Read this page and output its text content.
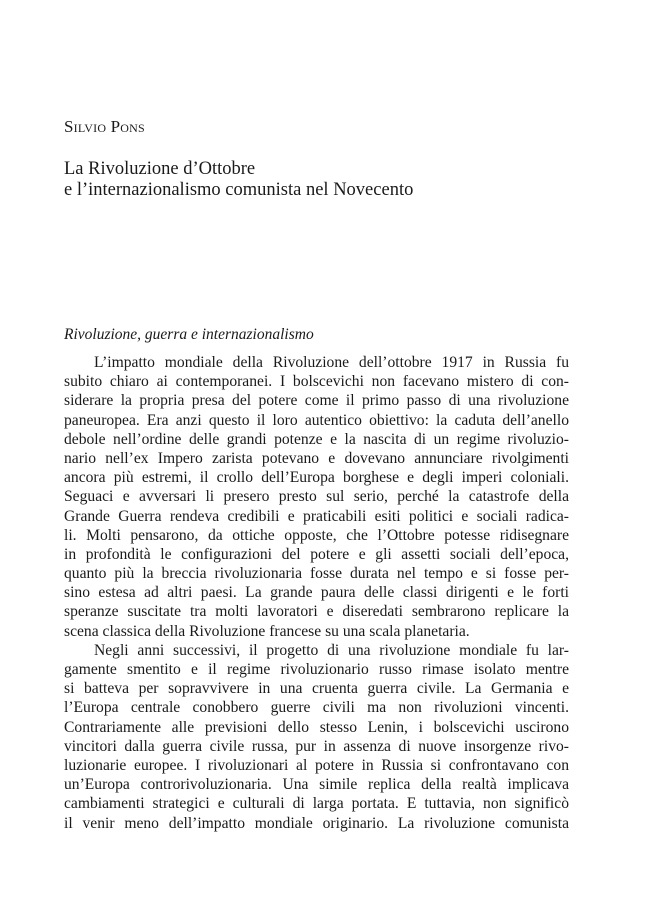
Silvio Pons
La Rivoluzione d’Ottobre
e l’internazionalismo comunista nel Novecento
Rivoluzione, guerra e internazionalismo
L’impatto mondiale della Rivoluzione dell’ottobre 1917 in Russia fu
subito chiaro ai contemporanei. I bolscevichi non facevano mistero di con-
siderare la propria presa del potere come il primo passo di una rivoluzione
paneuropea. Era anzi questo il loro autentico obiettivo: la caduta dell’anello
debole nell’ordine delle grandi potenze e la nascita di un regime rivoluzio-
nario nell’ex Impero zarista potevano e dovevano annunciare rivolgimenti
ancora più estremi, il crollo dell’Europa borghese e degli imperi coloniali.
Seguaci e avversari li presero presto sul serio, perché la catastrofe della
Grande Guerra rendeva credibili e praticabili esiti politici e sociali radica-
li. Molti pensarono, da ottiche opposte, che l’Ottobre potesse ridisegnare
in profondità le configurazioni del potere e gli assetti sociali dell’epoca,
quanto più la breccia rivoluzionaria fosse durata nel tempo e si fosse per-
sino estesa ad altri paesi. La grande paura delle classi dirigenti e le forti
speranze suscitate tra molti lavoratori e diseredati sembrarono replicare la
scena classica della Rivoluzione francese su una scala planetaria.
Negli anni successivi, il progetto di una rivoluzione mondiale fu lar-
gamente smentito e il regime rivoluzionario russo rimase isolato mentre
si batteva per sopravvivere in una cruenta guerra civile. La Germania e
l’Europa centrale conobbero guerre civili ma non rivoluzioni vincenti.
Contrariamente alle previsioni dello stesso Lenin, i bolscevichi uscirono
vincitori dalla guerra civile russa, pur in assenza di nuove insorgenze rivo-
luzionarie europee. I rivoluzionari al potere in Russia si confrontavano con
un’Europa controrivoluzionaria. Una simile replica della realtà implicava
cambiamenti strategici e culturali di larga portata. E tuttavia, non significò
il venir meno dell’impatto mondiale originario. La rivoluzione comunista
